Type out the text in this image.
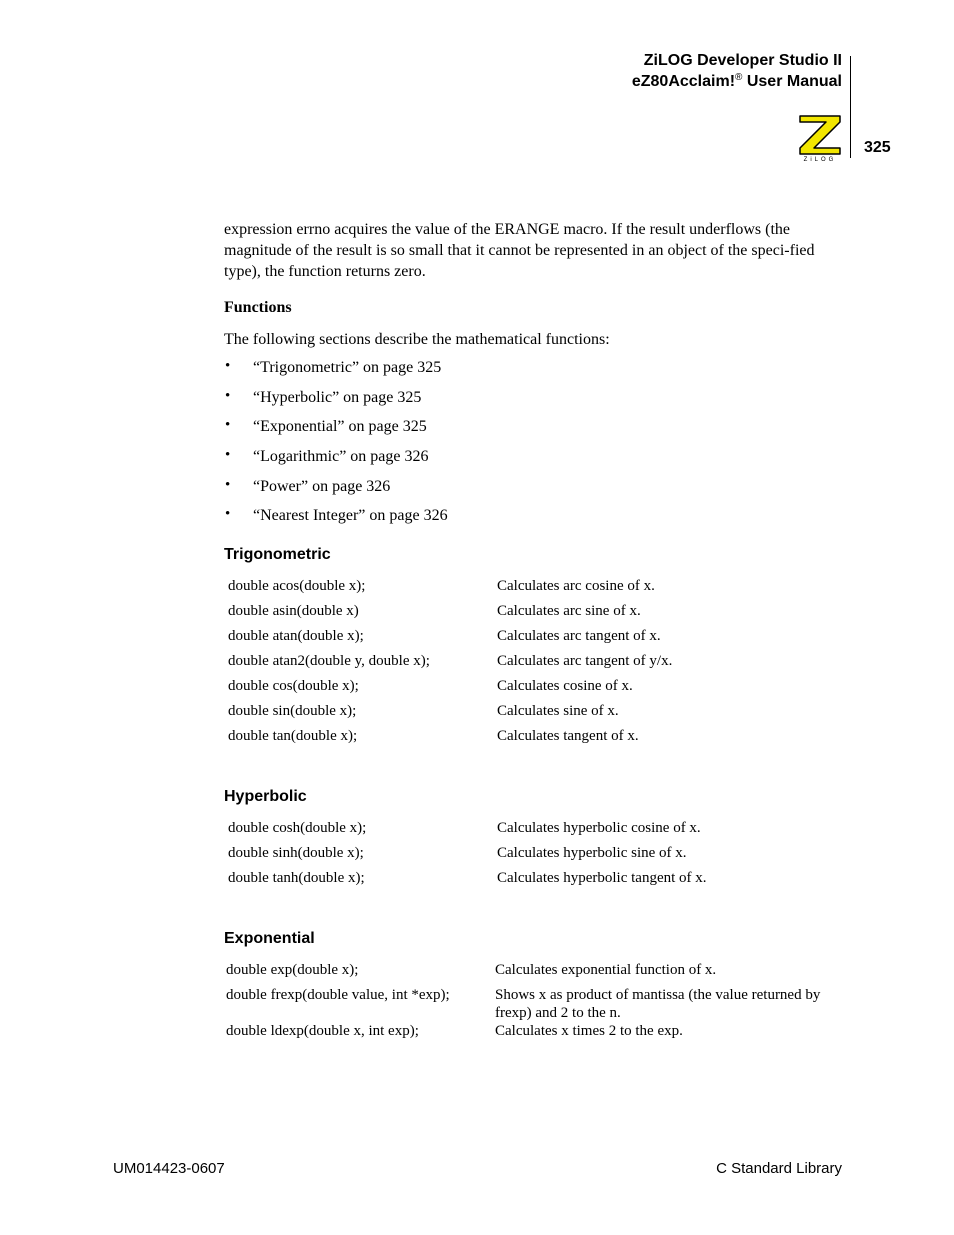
ZiLOG Developer Studio II
eZ80Acclaim!® User Manual
ZiLOG
325
expression errno acquires the value of the ERANGE macro. If the result underflows (the magnitude of the result is so small that it cannot be represented in an object of the speci-fied type), the function returns zero.
Functions
The following sections describe the mathematical functions:
• “Trigonometric” on page 325
• “Hyperbolic” on page 325
• “Exponential” on page 325
• “Logarithmic” on page 326
• “Power” on page 326
• “Nearest Integer” on page 326
Trigonometric
double acos(double x);	Calculates arc cosine of x.
double asin(double x)	Calculates arc sine of x.
double atan(double x);	Calculates arc tangent of x.
double atan2(double y, double x);	Calculates arc tangent of y/x.
double cos(double x);	Calculates cosine of x.
double sin(double x);	Calculates sine of x.
double tan(double x);	Calculates tangent of x.
Hyperbolic
double cosh(double x);	Calculates hyperbolic cosine of x.
double sinh(double x);	Calculates hyperbolic sine of x.
double tanh(double x);	Calculates hyperbolic tangent of x.
Exponential
double exp(double x);	Calculates exponential function of x.
double frexp(double value, int *exp);	Shows x as product of mantissa (the value returned by frexp) and 2 to the n.
double ldexp(double x, int exp);	Calculates x times 2 to the exp.
UM014423-0607	C Standard Library
